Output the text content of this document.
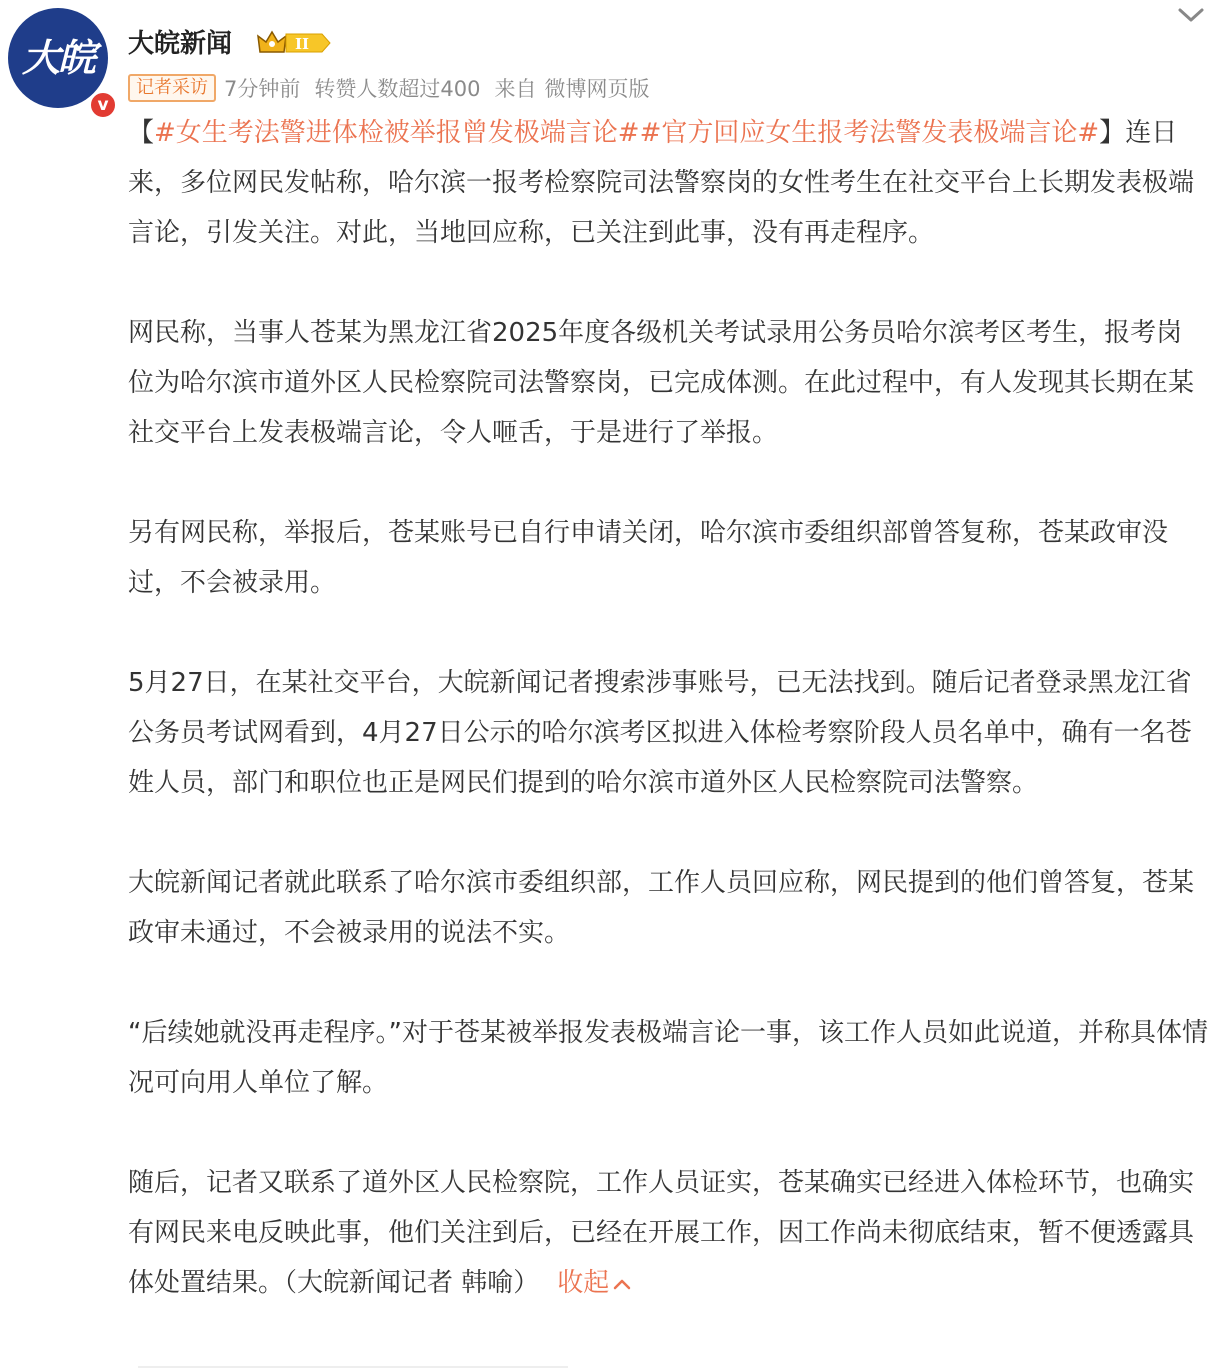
大皖
v
大皖新闻	II
记者采访 7分钟前 转赞人数超过400 来自 微博网页版

【#女生考法警进体检被举报曾发极端言论##官方回应女生报考法警发表极端言论#】连日来，多位网民发帖称，哈尔滨一报考检察院司法警察岗的女性考生在社交平台上长期发表极端言论，引发关注。对此，当地回应称，已关注到此事，没有再走程序。

网民称，当事人苍某为黑龙江省2025年度各级机关考试录用公务员哈尔滨考区考生，报考岗位为哈尔滨市道外区人民检察院司法警察岗，已完成体测。在此过程中，有人发现其长期在某社交平台上发表极端言论，令人咂舌，于是进行了举报。

另有网民称，举报后，苍某账号已自行申请关闭，哈尔滨市委组织部曾答复称，苍某政审没过，不会被录用。

5月27日，在某社交平台，大皖新闻记者搜索涉事账号，已无法找到。随后记者登录黑龙江省公务员考试网看到，4月27日公示的哈尔滨考区拟进入体检考察阶段人员名单中，确有一名苍姓人员，部门和职位也正是网民们提到的哈尔滨市道外区人民检察院司法警察。

大皖新闻记者就此联系了哈尔滨市委组织部，工作人员回应称，网民提到的他们曾答复，苍某政审未通过，不会被录用的说法不实。

“后续她就没再走程序。”对于苍某被举报发表极端言论一事，该工作人员如此说道，并称具体情况可向用人单位了解。

随后，记者又联系了道外区人民检察院，工作人员证实，苍某确实已经进入体检环节，也确实有网民来电反映此事，他们关注到后，已经在开展工作，因工作尚未彻底结束，暂不便透露具体处置结果。（大皖新闻记者 韩喻） 收起
